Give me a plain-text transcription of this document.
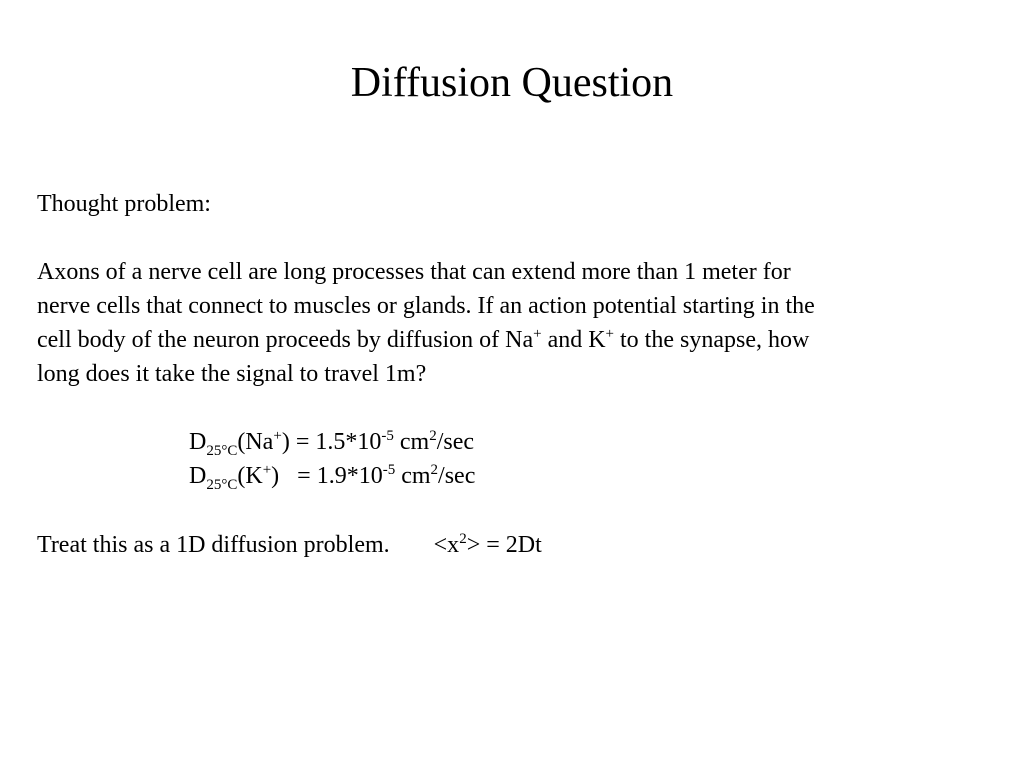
Diffusion Question
Thought problem:
Axons of a nerve cell are long processes that can extend more than 1 meter for
nerve cells that connect to muscles or glands. If an action potential starting in the
cell body of the neuron proceeds by diffusion of Na+ and K+ to the synapse, how
long does it take the signal to travel 1m?
$D_{25^\circ C}(Na^+) = 1.5*10^{-5}$ $cm^2/\sec$
$D_{25^\circ C}(K^+) = 1.9*10^{-5}$ $cm^2/\sec$
Treat this as a 1D diffusion problem. $<x^2> = 2Dt$
